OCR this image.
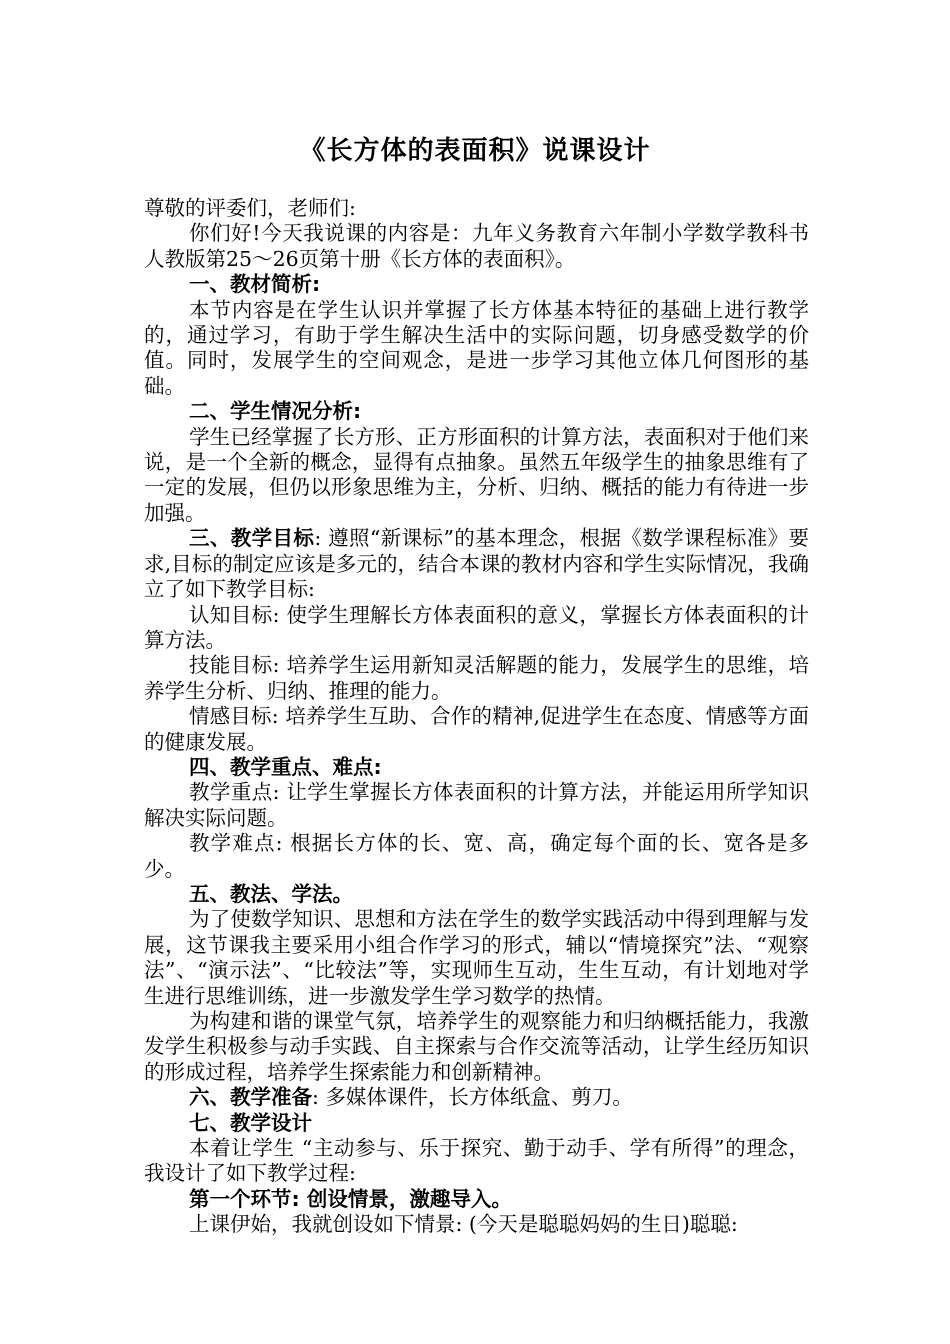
《长方体的表面积》说课设计

尊敬的评委们，老师们:

你们好!今天我说课的内容是：九年义务教育六年制小学数学教科书人教版第25～26页第十册《长方体的表面积》。

一、教材简析:

本节内容是在学生认识并掌握了长方体基本特征的基础上进行教学的，通过学习，有助于学生解决生活中的实际问题，切身感受数学的价值。同时，发展学生的空间观念，是进一步学习其他立体几何图形的基础。

二、学生情况分析:

学生已经掌握了长方形、正方形面积的计算方法，表面积对于他们来说，是一个全新的概念，显得有点抽象。虽然五年级学生的抽象思维有了一定的发展，但仍以形象思维为主，分析、归纳、概括的能力有待进一步加强。

三、教学目标: 遵照“新课标”的基本理念，根据《数学课程标准》要求,目标的制定应该是多元的，结合本课的教材内容和学生实际情况，我确立了如下教学目标:

认知目标: 使学生理解长方体表面积的意义，掌握长方体表面积的计算方法。

技能目标: 培养学生运用新知灵活解题的能力，发展学生的思维，培养学生分析、归纳、推理的能力。

情感目标: 培养学生互助、合作的精神,促进学生在态度、情感等方面的健康发展。

四、教学重点、难点:

教学重点: 让学生掌握长方体表面积的计算方法，并能运用所学知识解决实际问题。

教学难点: 根据长方体的长、宽、高，确定每个面的长、宽各是多少。

五、教法、学法。

为了使数学知识、思想和方法在学生的数学实践活动中得到理解与发展，这节课我主要采用小组合作学习的形式，辅以“情境探究”法、“观察法”、“演示法”、“比较法”等，实现师生互动，生生互动，有计划地对学生进行思维训练，进一步激发学生学习数学的热情。

为构建和谐的课堂气氛，培养学生的观察能力和归纳概括能力，我激发学生积极参与动手实践、自主探索与合作交流等活动，让学生经历知识的形成过程，培养学生探索能力和创新精神。

六、教学准备: 多媒体课件，长方体纸盒、剪刀。

七、教学设计

本着让学生 “主动参与、乐于探究、勤于动手、学有所得”的理念，我设计了如下教学过程:

第一个环节: 创设情景，激趣导入。

上课伊始，我就创设如下情景: (今天是聪聪妈妈的生日)聪聪:
